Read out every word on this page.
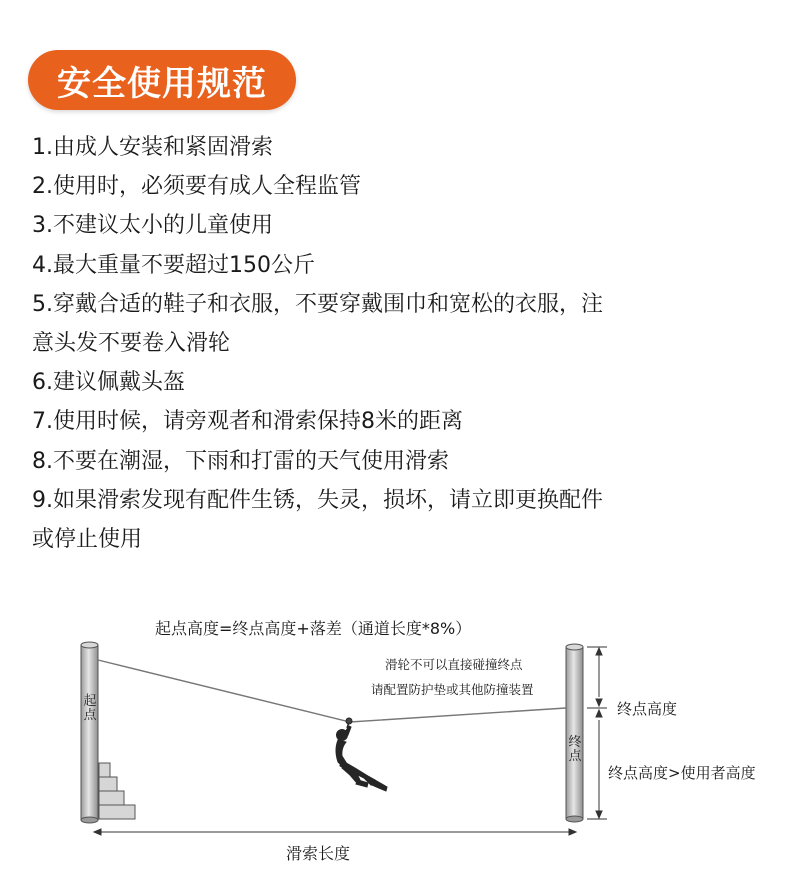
安全使用规范
1.由成人安装和紧固滑索
2.使用时，必须要有成人全程监管
3.不建议太小的儿童使用
4.最大重量不要超过150公斤
5.穿戴合适的鞋子和衣服，不要穿戴围巾和宽松的衣服，注
意头发不要卷入滑轮
6.建议佩戴头盔
7.使用时候，请旁观者和滑索保持8米的距离
8.不要在潮湿，下雨和打雷的天气使用滑索
9.如果滑索发现有配件生锈，失灵，损坏，请立即更换配件
或停止使用
起点高度=终点高度+落差（通道长度*8%）
滑轮不可以直接碰撞终点
请配置防护垫或其他防撞装置
终点高度
终点高度>使用者高度
滑索长度
起
点
终
点
